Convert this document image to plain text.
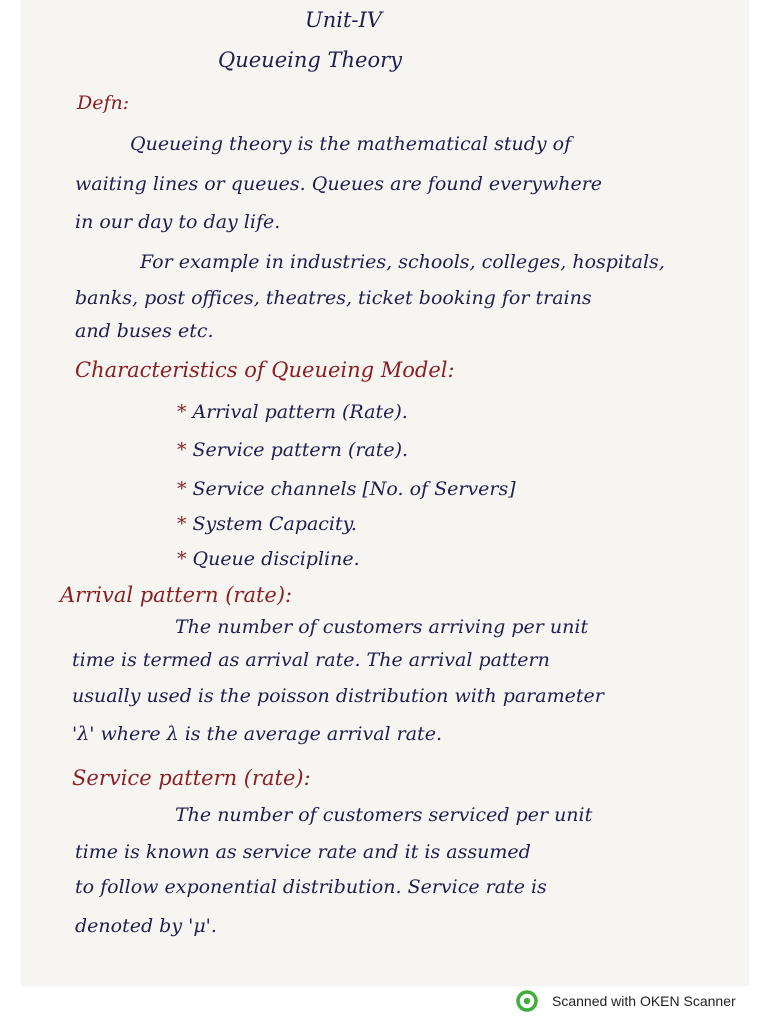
Unit-IV
Queueing Theory
Defn:
Queueing theory is the mathematical study of
waiting lines or queues. Queues are found everywhere
in our day to day life.
For example in industries, schools, colleges, hospitals,
banks, post offices, theatres, ticket booking for trains
and buses etc.
Characteristics of Queueing Model:
* Arrival pattern (Rate).
* Service pattern (rate).
* Service channels [No. of Servers]
* System Capacity.
* Queue discipline.
Arrival pattern (rate):
The number of customers arriving per unit
time is termed as arrival rate. The arrival pattern
usually used is the poisson distribution with parameter
'λ' where λ is the average arrival rate.
Service pattern (rate):
The number of customers serviced per unit
time is known as service rate and it is assumed
to follow exponential distribution. Service rate is
denoted by 'μ'.
Scanned with OKEN Scanner
